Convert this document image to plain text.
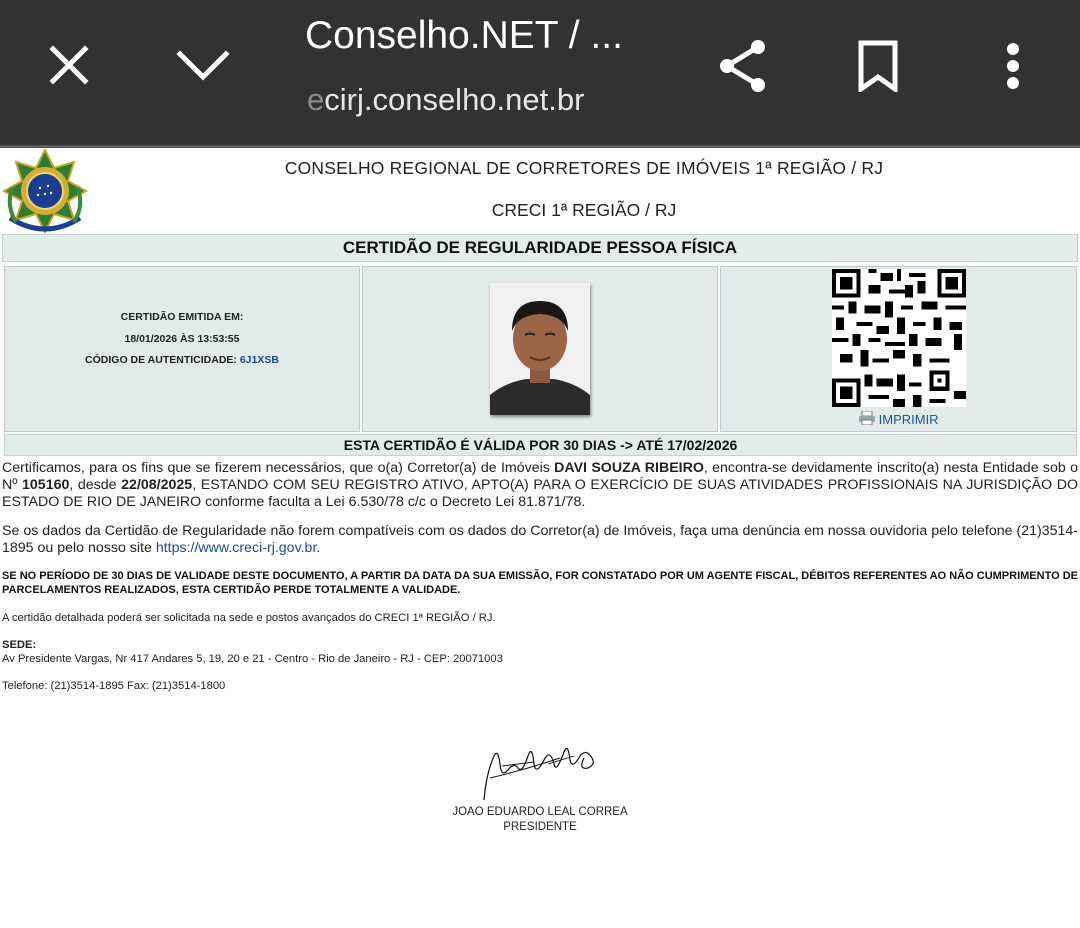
Conselho.NET / ...
ecirj.conselho.net.br
CONSELHO REGIONAL DE CORRETORES DE IMÓVEIS 1ª REGIÃO / RJ
CRECI 1ª REGIÃO / RJ
CERTIDÃO DE REGULARIDADE PESSOA FÍSICA
CERTIDÃO EMITIDA EM:
18/01/2026 ÀS 13:53:55
CÓDIGO DE AUTENTICIDADE: 6J1XSB
IMPRIMIR
ESTA CERTIDÃO É VÁLIDA POR 30 DIAS -> ATÉ 17/02/2026
Certificamos, para os fins que se fizerem necessários, que o(a) Corretor(a) de Imóveis DAVI SOUZA RIBEIRO, encontra-se devidamente inscrito(a) nesta Entidade sob o Nº 105160, desde 22/08/2025, ESTANDO COM SEU REGISTRO ATIVO, APTO(A) PARA O EXERCÍCIO DE SUAS ATIVIDADES PROFISSIONAIS NA JURISDIÇÃO DO ESTADO DE RIO DE JANEIRO conforme faculta a Lei 6.530/78 c/c o Decreto Lei 81.871/78.
Se os dados da Certidão de Regularidade não forem compatíveis com os dados do Corretor(a) de Imóveis, faça uma denúncia em nossa ouvidoria pelo telefone (21)3514-1895 ou pelo nosso site https://www.creci-rj.gov.br.
SE NO PERÍODO DE 30 DIAS DE VALIDADE DESTE DOCUMENTO, A PARTIR DA DATA DA SUA EMISSÃO, FOR CONSTATADO POR UM AGENTE FISCAL, DÉBITOS REFERENTES AO NÃO CUMPRIMENTO DE PARCELAMENTOS REALIZADOS, ESTA CERTIDÃO PERDE TOTALMENTE A VALIDADE.
A certidão detalhada poderá ser solicitada na sede e postos avançados do CRECI 1ª REGIÃO / RJ.
SEDE:
Av Presidente Vargas, Nr 417 Andares 5, 19, 20 e 21 - Centro - Rio de Janeiro - RJ - CEP: 20071003
Telefone: (21)3514-1895 Fax: (21)3514-1800
JOAO EDUARDO LEAL CORREA
PRESIDENTE
